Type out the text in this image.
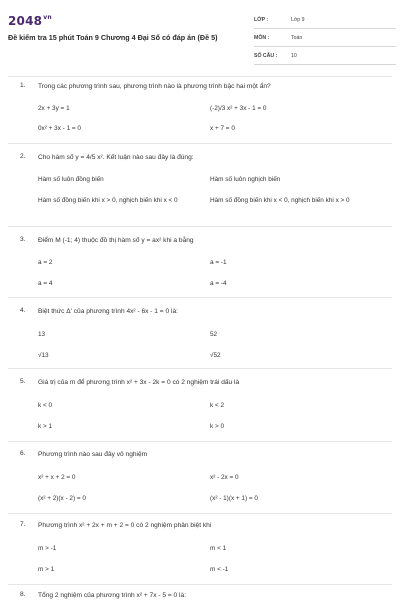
$2048^{vn}$
Đề kiểm tra 15 phút Toán 9 Chương 4 Đại Số có đáp án (Đề 5)
LỚP :	Lớp 9
MÔN :	Toán
SỐ CÂU :	10
1. Trong các phương trình sau, phương trình nào là phương trình bậc hai một ẩn?
2x + 3y = 1	(-2)/3 x² + 3x - 1 = 0
0x² + 3x - 1 = 0	x + 7 = 0
2. Cho hàm số y = 4/5 x². Kết luận nào sau đây là đúng:
Hàm số luôn đồng biến	Hàm số luôn nghịch biến
Hàm số đồng biến khi x > 0, nghịch biến khi x < 0	Hàm số đồng biến khi x < 0, nghịch biến khi x > 0
3. Điểm M (-1; 4) thuộc đồ thị hàm số y = ax² khi a bằng
a = 2	a = -1
a = 4	a = -4
4. Biệt thức Δ' của phương trình 4x² - 6x - 1 = 0 là:
13	52
√13	√52
5. Giá trị của m để phương trình x² + 3x - 2k = 0 có 2 nghiệm trái dấu là
k < 0	k < 2
k > 1	k > 0
6. Phương trình nào sau đây vô nghiệm
x² + x + 2 = 0	x² - 2x = 0
(x² + 2)(x - 2) = 0	(x² - 1)(x + 1) = 0
7. Phương trình x² + 2x + m + 2 = 0 có 2 nghiệm phân biệt khi
m > -1	m < 1
m > 1	m < -1
8. Tổng 2 nghiệm của phương trình x² + 7x - 5 = 0 là:
